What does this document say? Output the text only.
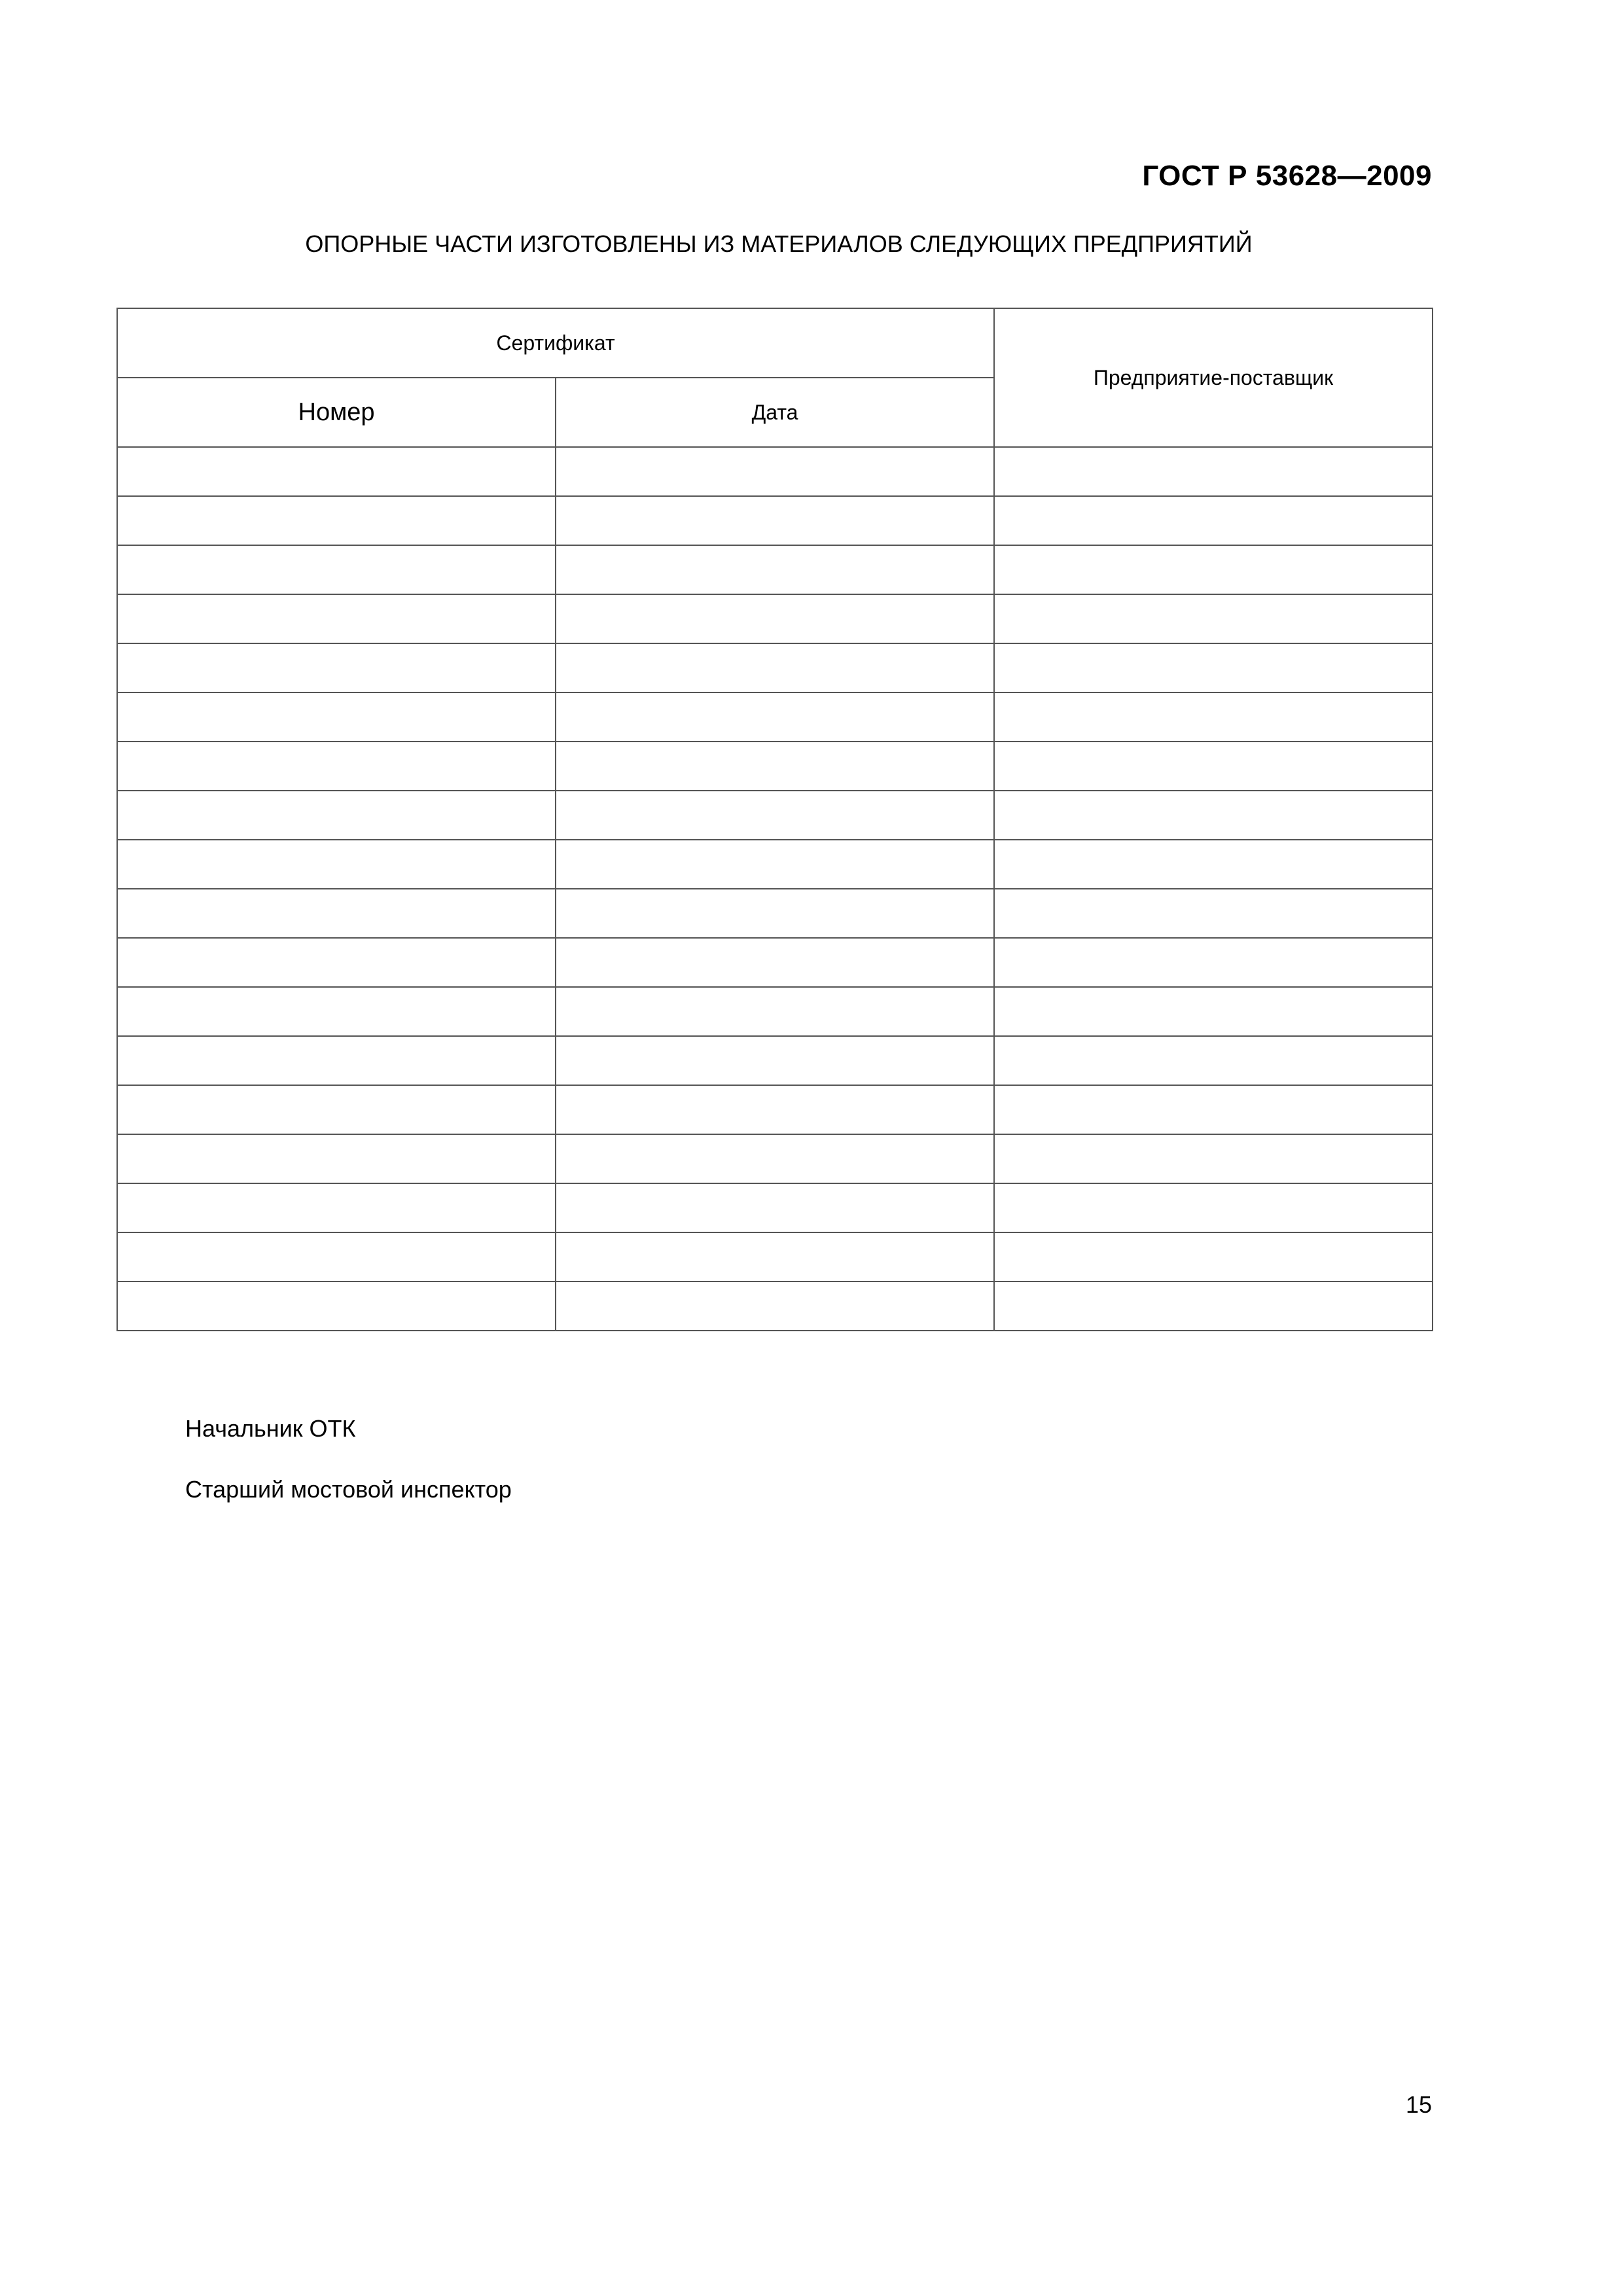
ГОСТ Р 53628—2009
ОПОРНЫЕ ЧАСТИ ИЗГОТОВЛЕНЫ ИЗ МАТЕРИАЛОВ СЛЕДУЮЩИХ ПРЕДПРИЯТИЙ
Сертификат		Предприятие-поставщик
Номер	Дата	

Начальник ОТК
Старший мостовой инспектор
15
